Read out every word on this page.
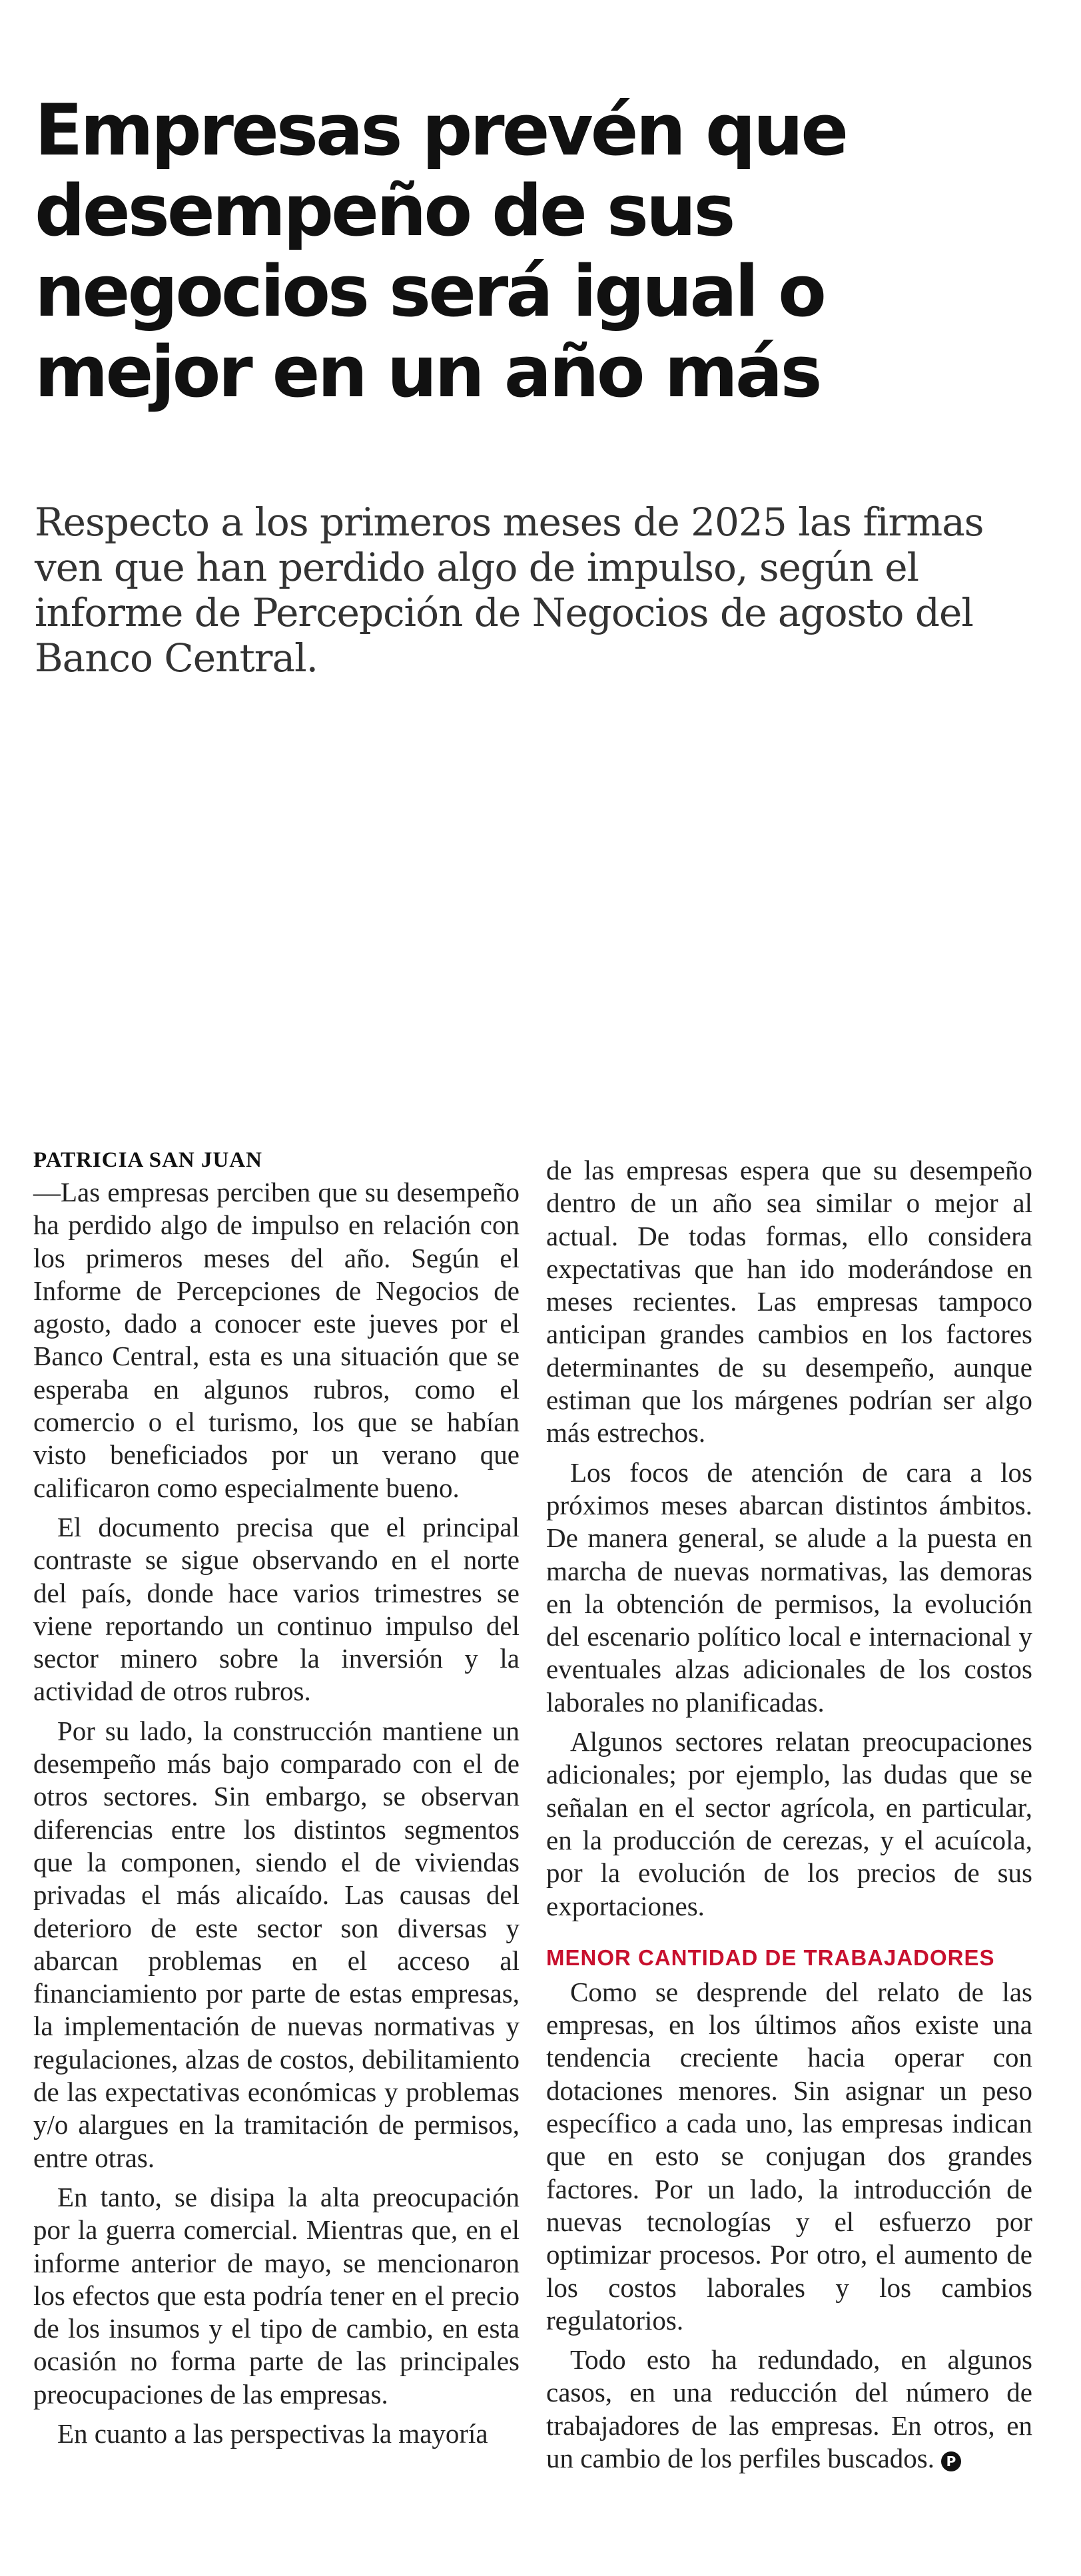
Empresas prevén que desempeño de sus negocios será igual o mejor en un año más

Respecto a los primeros meses de 2025 las firmas ven que han perdido algo de impulso, según el informe de Percepción de Negocios de agosto del Banco Central.

PATRICIA SAN JUAN

—Las empresas perciben que su desempeño ha perdido algo de impulso en relación con los primeros meses del año. Según el Informe de Percepciones de Negocios de agosto, dado a conocer este jueves por el Banco Central, esta es una situación que se esperaba en algunos rubros, como el comercio o el turismo, los que se habían visto beneficiados por un verano que calificaron como especialmente bueno.

El documento precisa que el principal contraste se sigue observando en el norte del país, donde hace varios trimestres se viene reportando un continuo impulso del sector minero sobre la inversión y la actividad de otros rubros.

Por su lado, la construcción mantiene un desempeño más bajo comparado con el de otros sectores. Sin embargo, se observan diferencias entre los distintos segmentos que la componen, siendo el de viviendas privadas el más alicaído. Las causas del deterioro de este sector son diversas y abarcan problemas en el acceso al financiamiento por parte de estas empresas, la implementación de nuevas normativas y regulaciones, alzas de costos, debilitamiento de las expectativas económicas y problemas y/o alargues en la tramitación de permisos, entre otras.

En tanto, se disipa la alta preocupación por la guerra comercial. Mientras que, en el informe anterior de mayo, se mencionaron los efectos que esta podría tener en el precio de los insumos y el tipo de cambio, en esta ocasión no forma parte de las principales preocupaciones de las empresas.

En cuanto a las perspectivas la mayoría

de las empresas espera que su desempeño dentro de un año sea similar o mejor al actual. De todas formas, ello considera expectativas que han ido moderándose en meses recientes. Las empresas tampoco anticipan grandes cambios en los factores determinantes de su desempeño, aunque estiman que los márgenes podrían ser algo más estrechos.

Los focos de atención de cara a los próximos meses abarcan distintos ámbitos. De manera general, se alude a la puesta en marcha de nuevas normativas, las demoras en la obtención de permisos, la evolución del escenario político local e internacional y eventuales alzas adicionales de los costos laborales no planificadas.

Algunos sectores relatan preocupaciones adicionales; por ejemplo, las dudas que se señalan en el sector agrícola, en particular, en la producción de cerezas, y el acuícola, por la evolución de los precios de sus exportaciones.

MENOR CANTIDAD DE TRABAJADORES

Como se desprende del relato de las empresas, en los últimos años existe una tendencia creciente hacia operar con dotaciones menores. Sin asignar un peso específico a cada uno, las empresas indican que en esto se conjugan dos grandes factores. Por un lado, la introducción de nuevas tecnologías y el esfuerzo por optimizar procesos. Por otro, el aumento de los costos laborales y los cambios regulatorios.

Todo esto ha redundado, en algunos casos, en una reducción del número de trabajadores de las empresas. En otros, en un cambio de los perfiles buscados. P
